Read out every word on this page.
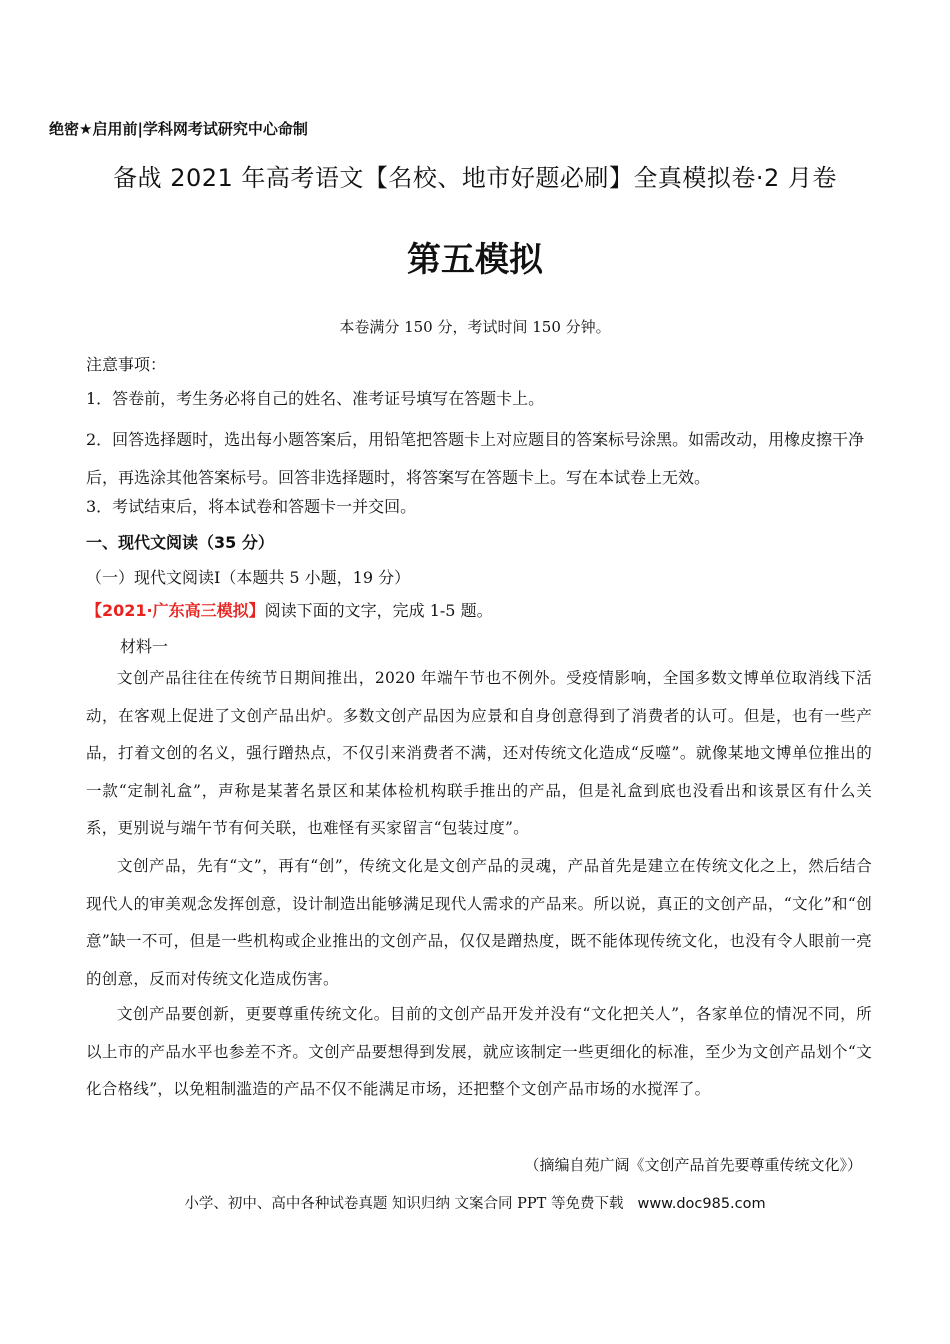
绝密★启用前|学科网考试研究中心命制
备战 2021 年高考语文【名校、地市好题必刷】全真模拟卷·2 月卷
第五模拟
本卷满分 150 分，考试时间 150 分钟。
注意事项：
1．答卷前，考生务必将自己的姓名、准考证号填写在答题卡上。
2．回答选择题时，选出每小题答案后，用铅笔把答题卡上对应题目的答案标号涂黑。如需改动，用橡皮擦干净后，再选涂其他答案标号。回答非选择题时，将答案写在答题卡上。写在本试卷上无效。
3．考试结束后，将本试卷和答题卡一并交回。
一、现代文阅读（35 分）
（一）现代文阅读Ⅰ（本题共 5 小题，19 分）
【2021·广东高三模拟】阅读下面的文字，完成 1-5 题。
材料一
文创产品往往在传统节日期间推出，2020 年端午节也不例外。受疫情影响，全国多数文博单位取消线下活动，在客观上促进了文创产品出炉。多数文创产品因为应景和自身创意得到了消费者的认可。但是，也有一些产品，打着文创的名义，强行蹭热点，不仅引来消费者不满，还对传统文化造成“反噬”。就像某地文博单位推出的一款“定制礼盒”，声称是某著名景区和某体检机构联手推出的产品，但是礼盒到底也没看出和该景区有什么关系，更别说与端午节有何关联，也难怪有买家留言“包装过度”。
文创产品，先有“文”，再有“创”，传统文化是文创产品的灵魂，产品首先是建立在传统文化之上，然后结合现代人的审美观念发挥创意，设计制造出能够满足现代人需求的产品来。所以说，真正的文创产品，“文化”和“创意”缺一不可，但是一些机构或企业推出的文创产品，仅仅是蹭热度，既不能体现传统文化，也没有令人眼前一亮的创意，反而对传统文化造成伤害。
文创产品要创新，更要尊重传统文化。目前的文创产品开发并没有“文化把关人”，各家单位的情况不同，所以上市的产品水平也参差不齐。文创产品要想得到发展，就应该制定一些更细化的标准，至少为文创产品划个“文化合格线”，以免粗制滥造的产品不仅不能满足市场，还把整个文创产品市场的水搅浑了。
（摘编自苑广阔《文创产品首先要尊重传统文化》）
小学、初中、高中各种试卷真题 知识归纳 文案合同 PPT 等免费下载 www.doc985.com
